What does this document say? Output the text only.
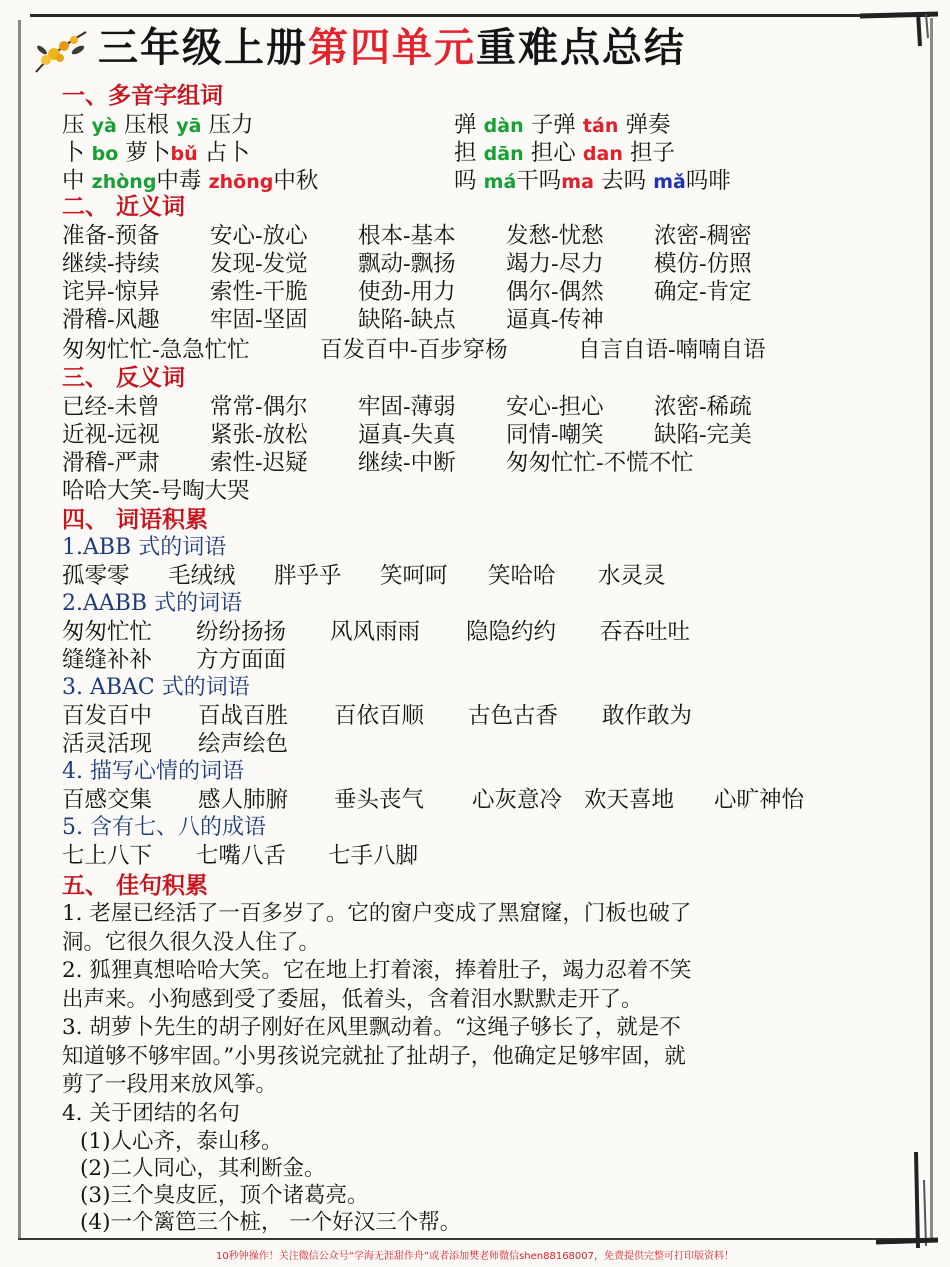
三年级上册第四单元重难点总结
一、多音字组词
压 yà 压根 yā 压力
卜 bo 萝卜bǔ 占卜
中 zhòng中毒 zhōng中秋
弹 dàn 子弹 tán 弹奏
担 dān 担心 dan 担子
吗 má干吗ma 去吗 mǎ吗啡
二、 近义词
准备-预备 安心-放心 根本-基本 发愁-忧愁 浓密-稠密
继续-持续 发现-发觉 飘动-飘扬 竭力-尽力 模仿-仿照
诧异-惊异 索性-干脆 使劲-用力 偶尔-偶然 确定-肯定
滑稽-风趣 牢固-坚固 缺陷-缺点 逼真-传神
匆匆忙忙-急急忙忙	百发百中-百步穿杨	自言自语-喃喃自语
三、 反义词
已经-未曾 常常-偶尔 牢固-薄弱 安心-担心 浓密-稀疏
近视-远视 紧张-放松 逼真-失真 同情-嘲笑 缺陷-完美
滑稽-严肃 索性-迟疑 继续-中断 匆匆忙忙-不慌不忙
哈哈大笑-号啕大哭
四、 词语积累
1.ABB 式的词语
孤零零 毛绒绒 胖乎乎 笑呵呵 笑哈哈 水灵灵
2.AABB 式的词语
匆匆忙忙 纷纷扬扬 风风雨雨 隐隐约约 吞吞吐吐
缝缝补补 方方面面
3. ABAC 式的词语
百发百中 百战百胜 百依百顺 古色古香 敢作敢为
活灵活现 绘声绘色
4. 描写心情的词语
百感交集 感人肺腑 垂头丧气 心灰意冷 欢天喜地 心旷神怡
5. 含有七、八的成语
七上八下 七嘴八舌 七手八脚
五、 佳句积累

1. 老屋已经活了一百多岁了。它的窗户变成了黑窟窿，门板也破了

洞。它很久很久没人住了。

2. 狐狸真想哈哈大笑。它在地上打着滚，捧着肚子，竭力忍着不笑

出声来。小狗感到受了委屈，低着头，含着泪水默默走开了。

3. 胡萝卜先生的胡子刚好在风里飘动着。“这绳子够长了，就是不

知道够不够牢固。”小男孩说完就扯了扯胡子，他确定足够牢固，就

剪了一段用来放风筝。

4. 关于团结的名句

(1)人心齐，泰山移。
(2)二人同心，其利断金。
(3)三个臭皮匠，顶个诸葛亮。
(4)一个篱笆三个桩， 一个好汉三个帮。
10秒钟操作！关注微信公众号“学海无涯甜作舟”或者添加樊老师微信shen88168007，免费提供完整可打印版资料！
